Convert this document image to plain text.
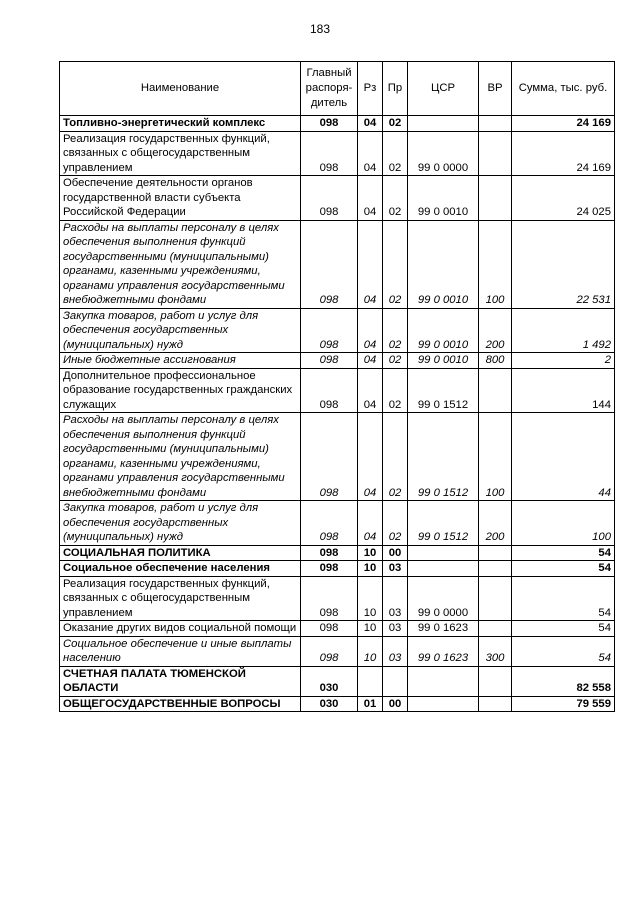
183
Наименование	Главный распоря-дитель	Рз	Пр	ЦСР	ВР	Сумма, тыс. руб.
Топливно-энергетический комплекс	098	04	02			24 169
Реализация государственных функций, связанных с общегосударственным управлением	098	04	02	99 0 0000		24 169
Обеспечение деятельности органов государственной власти субъекта Российской Федерации	098	04	02	99 0 0010		24 025
Расходы на выплаты персоналу в целях обеспечения выполнения функций государственными (муниципальными) органами, казенными учреждениями, органами управления государственными внебюджетными фондами	098	04	02	99 0 0010	100	22 531
Закупка товаров, работ и услуг для обеспечения государственных (муниципальных) нужд	098	04	02	99 0 0010	200	1 492
Иные бюджетные ассигнования	098	04	02	99 0 0010	800	2
Дополнительное профессиональное образование государственных гражданских служащих	098	04	02	99 0 1512		144
Расходы на выплаты персоналу в целях обеспечения выполнения функций государственными (муниципальными) органами, казенными учреждениями, органами управления государственными внебюджетными фондами	098	04	02	99 0 1512	100	44
Закупка товаров, работ и услуг для обеспечения государственных (муниципальных) нужд	098	04	02	99 0 1512	200	100
СОЦИАЛЬНАЯ ПОЛИТИКА	098	10	00			54
Социальное обеспечение населения	098	10	03			54
Реализация государственных функций, связанных с общегосударственным управлением	098	10	03	99 0 0000		54
Оказание других видов социальной помощи	098	10	03	99 0 1623		54
Социальное обеспечение и иные выплаты населению	098	10	03	99 0 1623	300	54
СЧЕТНАЯ ПАЛАТА ТЮМЕНСКОЙ ОБЛАСТИ	030					82 558
ОБЩЕГОСУДАРСТВЕННЫЕ ВОПРОСЫ	030	01	00			79 559
